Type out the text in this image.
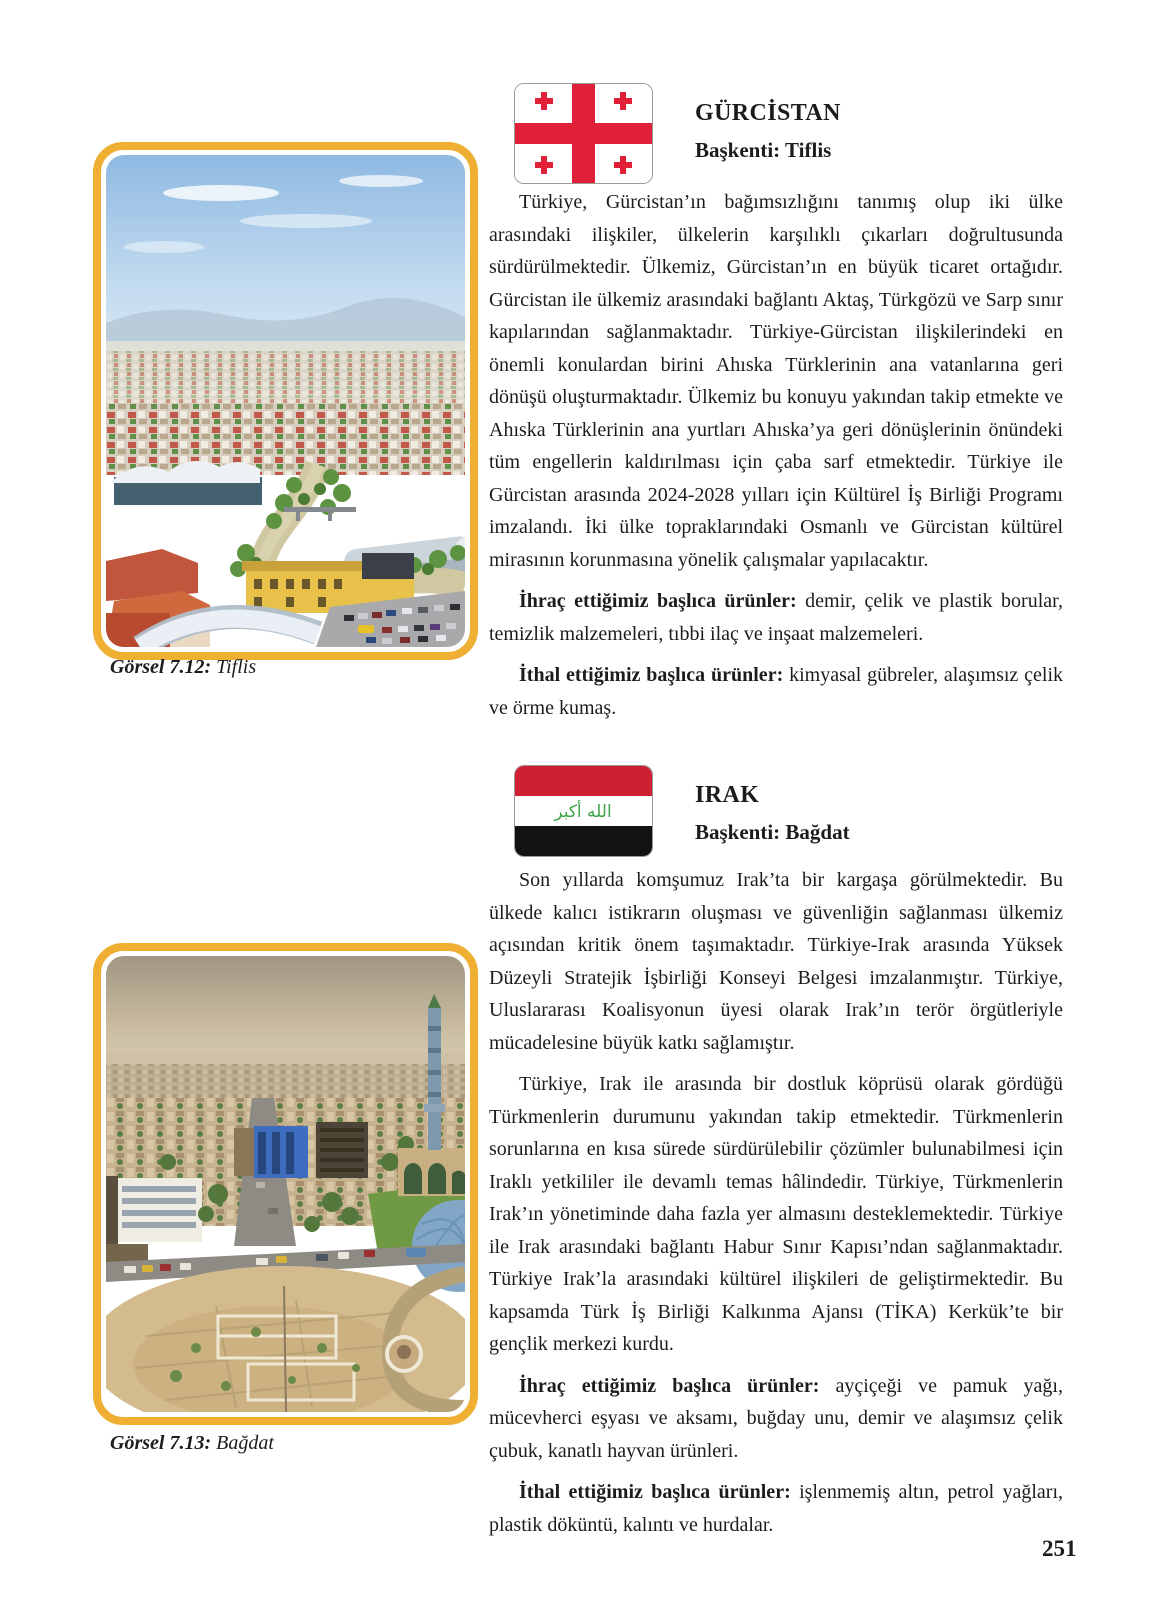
GÜRCİSTAN
Başkenti: Tiflis
Görsel 7.12: Tiflis

Türkiye, Gürcistan’ın bağımsızlığını tanımış olup iki ülke arasındaki ilişkiler, ülkelerin karşılıklı çıkarları doğrultusunda sürdürülmektedir. Ülkemiz, Gürcistan’ın en büyük ticaret ortağıdır. Gürcistan ile ülkemiz arasındaki bağlantı Aktaş, Türkgözü ve Sarp sınır kapılarından sağlanmaktadır. Türkiye-Gürcistan ilişkilerindeki en önemli konulardan birini Ahıska Türklerinin ana vatanlarına geri dönüşü oluşturmaktadır. Ülkemiz bu konuyu yakından takip etmekte ve Ahıska Türklerinin ana yurtları Ahıska’ya geri dönüşlerinin önündeki tüm engellerin kaldırılması için çaba sarf etmektedir. Türkiye ile Gürcistan arasında 2024-2028 yılları için Kültürel İş Birliği Programı imzalandı. İki ülke topraklarındaki Osmanlı ve Gürcistan kültürel mirasının korunmasına yönelik çalışmalar yapılacaktır.

İhraç ettiğimiz başlıca ürünler: demir, çelik ve plastik borular, temizlik malzemeleri, tıbbi ilaç ve inşaat malzemeleri.

İthal ettiğimiz başlıca ürünler: kimyasal gübreler, alaşımsız çelik ve örme kumaş.

الله أكبر
IRAK
Başkenti: Bağdat
Görsel 7.13: Bağdat

Son yıllarda komşumuz Irak’ta bir kargaşa görülmektedir. Bu ülkede kalıcı istikrarın oluşması ve güvenliğin sağlanması ülkemiz açısından kritik önem taşımaktadır. Türkiye-Irak arasında Yüksek Düzeyli Stratejik İşbirliği Konseyi Belgesi imzalanmıştır. Türkiye, Uluslararası Koalisyonun üyesi olarak Irak’ın terör örgütleriyle mücadelesine büyük katkı sağlamıştır.

Türkiye, Irak ile arasında bir dostluk köprüsü olarak gördüğü Türkmenlerin durumunu yakından takip etmektedir. Türkmenlerin sorunlarına en kısa sürede sürdürülebilir çözümler bulunabilmesi için Iraklı yetkililer ile devamlı temas hâlindedir. Türkiye, Türkmenlerin Irak’ın yönetiminde daha fazla yer almasını desteklemektedir. Türkiye ile Irak arasındaki bağlantı Habur Sınır Kapısı’ndan sağlanmaktadır. Türkiye Irak’la arasındaki kültürel ilişkileri de geliştirmektedir. Bu kapsamda Türk İş Birliği Kalkınma Ajansı (TİKA) Kerkük’te bir gençlik merkezi kurdu.

İhraç ettiğimiz başlıca ürünler: ayçiçeği ve pamuk yağı, mücevherci eşyası ve aksamı, buğday unu, demir ve alaşımsız çelik çubuk, kanatlı hayvan ürünleri.

İthal ettiğimiz başlıca ürünler: işlenmemiş altın, petrol yağları, plastik döküntü, kalıntı ve hurdalar.

251
